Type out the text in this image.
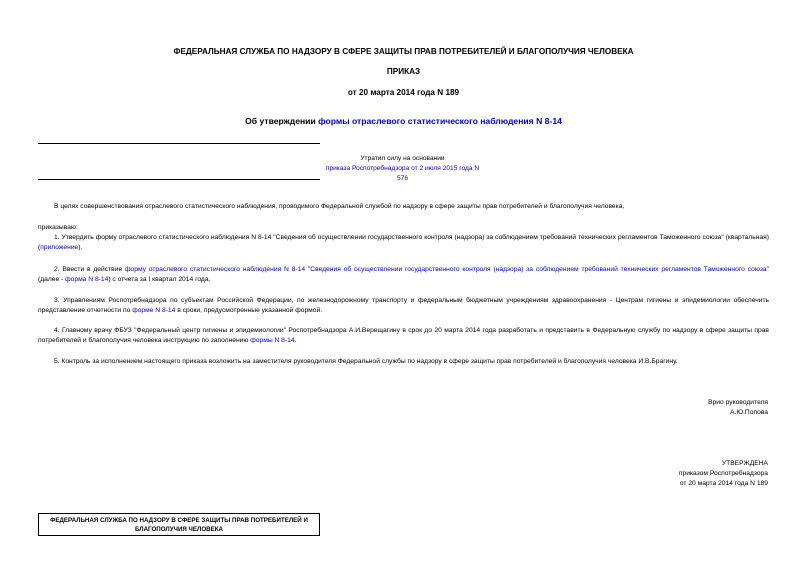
ФЕДЕРАЛЬНАЯ СЛУЖБА ПО НАДЗОРУ В СФЕРЕ ЗАЩИТЫ ПРАВ ПОТРЕБИТЕЛЕЙ И БЛАГОПОЛУЧИЯ ЧЕЛОВЕКА
ПРИКАЗ
от 20 марта 2014 года N 189
Об утверждении формы отраслевого статистического наблюдения N 8-14
Утратил силу на основании
приказа Роспотребнадзора от 2 июля 2015 года N 576
В целях совершенствования отраслевого статистического наблюдения, проводимого Федеральной службой по надзору в сфере защиты прав потребителей и благополучия человека,
приказываю:
1. Утвердить форму отраслевого статистического наблюдения N 8-14 "Сведения об осуществлении государственного контроля (надзора) за соблюдением требований технических регламентов Таможенного союза" (квартальная) (приложение).
2. Ввести в действие форму отраслевого статистического наблюдения N 8-14 "Сведения об осуществлении государственного контроля (надзора) за соблюдением требований технических регламентов Таможенного союза" (далее - форма N 8-14) с отчета за I квартал 2014 года.
3. Управлениям Роспотребнадзора по субъектам Российской Федерации, по железнодорожному транспорту и федеральным бюджетным учреждениям здравоохранения - Центрам гигиены и эпидемиологии обеспечить представление отчетности по форме N 8-14 в сроки, предусмотренные указанной формой.
4. Главному врачу ФБУЗ "Федеральный центр гигиены и эпидемиологии" Роспотребнадзора А.И.Верещагину в срок до 20 марта 2014 года разработать и представить в Федеральную службу по надзору в сфере защиты прав потребителей и благополучия человека инструкцию по заполнению формы N 8-14.
5. Контроль за исполнением настоящего приказа возложить на заместителя руководителя Федеральной службы по надзору в сфере защиты прав потребителей и благополучия человека И.В.Брагину.
Врио руководителя
А.Ю.Попова
УТВЕРЖДЕНА
приказом Роспотребнадзора
от 20 марта 2014 года N 189
ФЕДЕРАЛЬНАЯ СЛУЖБА ПО НАДЗОРУ В СФЕРЕ ЗАЩИТЫ ПРАВ ПОТРЕБИТЕЛЕЙ И
БЛАГОПОЛУЧИЯ ЧЕЛОВЕКА
